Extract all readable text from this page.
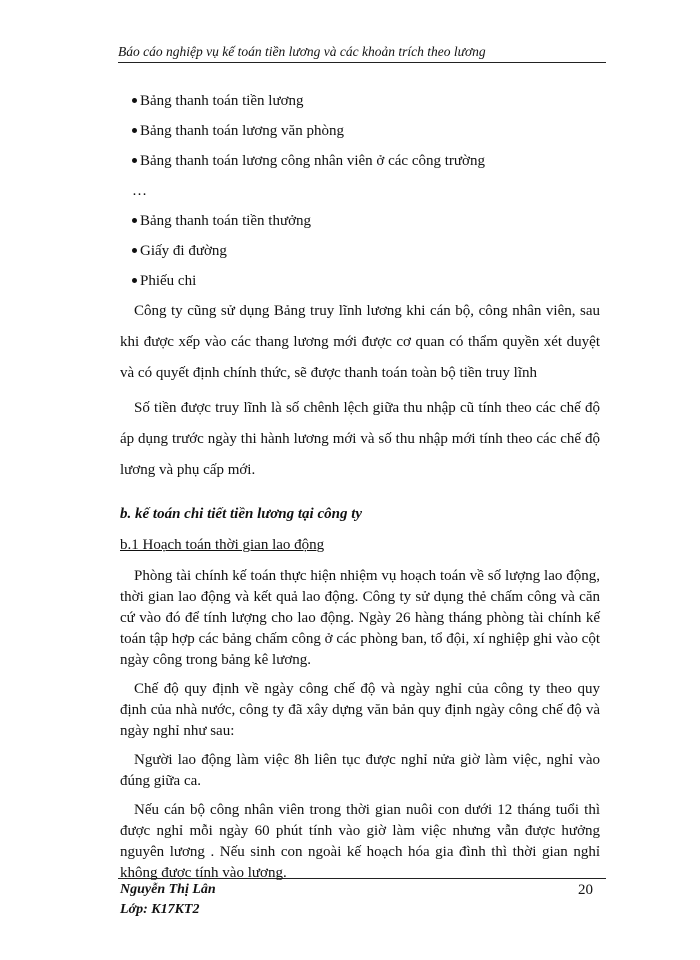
Báo cáo nghiệp vụ kế toán tiền lương và các khoản trích theo lương
Bảng thanh toán tiền lương
Bảng thanh toán lương văn phòng
Bảng thanh toán lương công nhân viên ở các công trường
…
Bảng thanh toán tiền thưởng
Giấy đi đường
Phiếu chi

Công ty cũng sử dụng Bảng truy lĩnh lương khi cán bộ, công nhân viên, sau khi được xếp vào các thang lương mới được cơ quan có thẩm quyền xét duyệt và có quyết định chính thức, sẽ được thanh toán toàn bộ tiền truy lĩnh

Số tiền được truy lĩnh là số chênh lệch giữa thu nhập cũ tính theo các chế độ áp dụng trước ngày thi hành lương mới và số thu nhập mới tính theo các chế độ lương và phụ cấp mới.

b. kế toán chi tiết tiền lương tại công ty
b.1 Hoạch toán thời gian lao động

Phòng tài chính kế toán thực hiện nhiệm vụ hoạch toán về số lượng lao động, thời gian lao động và kết quả lao động. Công ty sử dụng thẻ chấm công và căn cứ vào đó để tính lượng cho lao động. Ngày 26 hàng tháng phòng tài chính kế toán tập hợp các bảng chấm công ở các phòng ban, tổ đội, xí nghiệp ghi vào cột ngày công trong bảng kê lương.

Chế độ quy định về ngày công chế độ và ngày nghỉ của công ty theo quy định của nhà nước, công ty đã xây dựng văn bản quy định ngày công chế độ và ngày nghỉ như sau:

Người lao động làm việc 8h liên tục được nghỉ nửa giờ làm việc, nghỉ vào đúng giữa ca.

Nếu cán bộ công nhân viên trong thời gian nuôi con dưới 12 tháng tuổi thì được nghỉ mỗi ngày 60 phút tính vào giờ làm việc nhưng vẫn được hưởng nguyên lương . Nếu sinh con ngoài kế hoạch hóa gia đình thì thời gian nghỉ không được tính vào lương.

Nguyễn Thị Lân
Lớp: K17KT2
20
